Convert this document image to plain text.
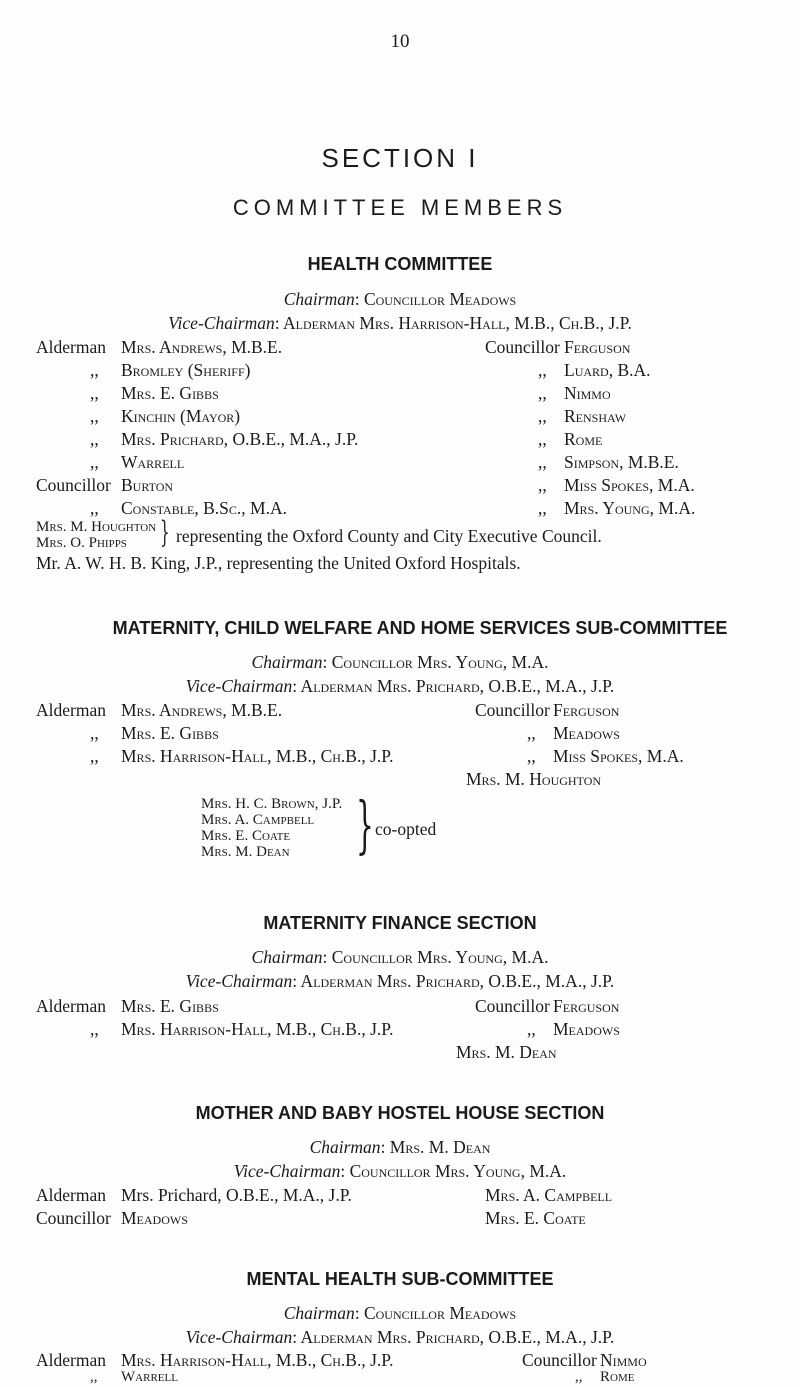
10
SECTION I
COMMITTEE MEMBERS
HEALTH COMMITTEE
Chairman: Councillor Meadows
Vice-Chairman: Alderman Mrs. Harrison-Hall, M.B., Ch.B., J.P.
Alderman Mrs. Andrews, M.B.E.
,, Bromley (Sheriff)
,, Mrs. E. Gibbs
,, Kinchin (Mayor)
,, Mrs. Prichard, O.B.E., M.A., J.P.
,, Warrell
Councillor Burton
,, Constable, B.Sc., M.A.
Councillor Ferguson
,, Luard, B.A.
,, Nimmo
,, Renshaw
,, Rome
,, Simpson, M.B.E.
,, Miss Spokes, M.A.
,, Mrs. Young, M.A.
Mrs. M. Houghton
Mrs. O. Phipps } representing the Oxford County and City Executive Council.
Mr. A. W. H. B. King, J.P., representing the United Oxford Hospitals.
MATERNITY, CHILD WELFARE AND HOME SERVICES SUB-COMMITTEE
Chairman: Councillor Mrs. Young, M.A.
Vice-Chairman: Alderman Mrs. Prichard, O.B.E., M.A., J.P.
Alderman Mrs. Andrews, M.B.E.
,, Mrs. E. Gibbs
,, Mrs. Harrison-Hall, M.B., Ch.B., J.P.
Councillor Ferguson
,, Meadows
,, Miss Spokes, M.A.
Mrs. M. Houghton
Mrs. H. C. Brown, J.P.
Mrs. A. Campbell
Mrs. E. Coate
Mrs. M. Dean } co-opted
MATERNITY FINANCE SECTION
Chairman: Councillor Mrs. Young, M.A.
Vice-Chairman: Alderman Mrs. Prichard, O.B.E., M.A., J.P.
Alderman Mrs. E. Gibbs
,, Mrs. Harrison-Hall, M.B., Ch.B., J.P.
Councillor Ferguson
,, Meadows
Mrs. M. Dean
MOTHER AND BABY HOSTEL HOUSE SECTION
Chairman: Mrs. M. Dean
Vice-Chairman: Councillor Mrs. Young, M.A.
Alderman Mrs. Prichard, O.B.E., M.A., J.P.
Councillor Meadows
Mrs. A. Campbell
Mrs. E. Coate
MENTAL HEALTH SUB-COMMITTEE
Chairman: Councillor Meadows
Vice-Chairman: Alderman Mrs. Prichard, O.B.E., M.A., J.P.
Alderman Mrs. Harrison-Hall, M.B., Ch.B., J.P.
,, Warrell
Councillor Nimmo
,, Rome
